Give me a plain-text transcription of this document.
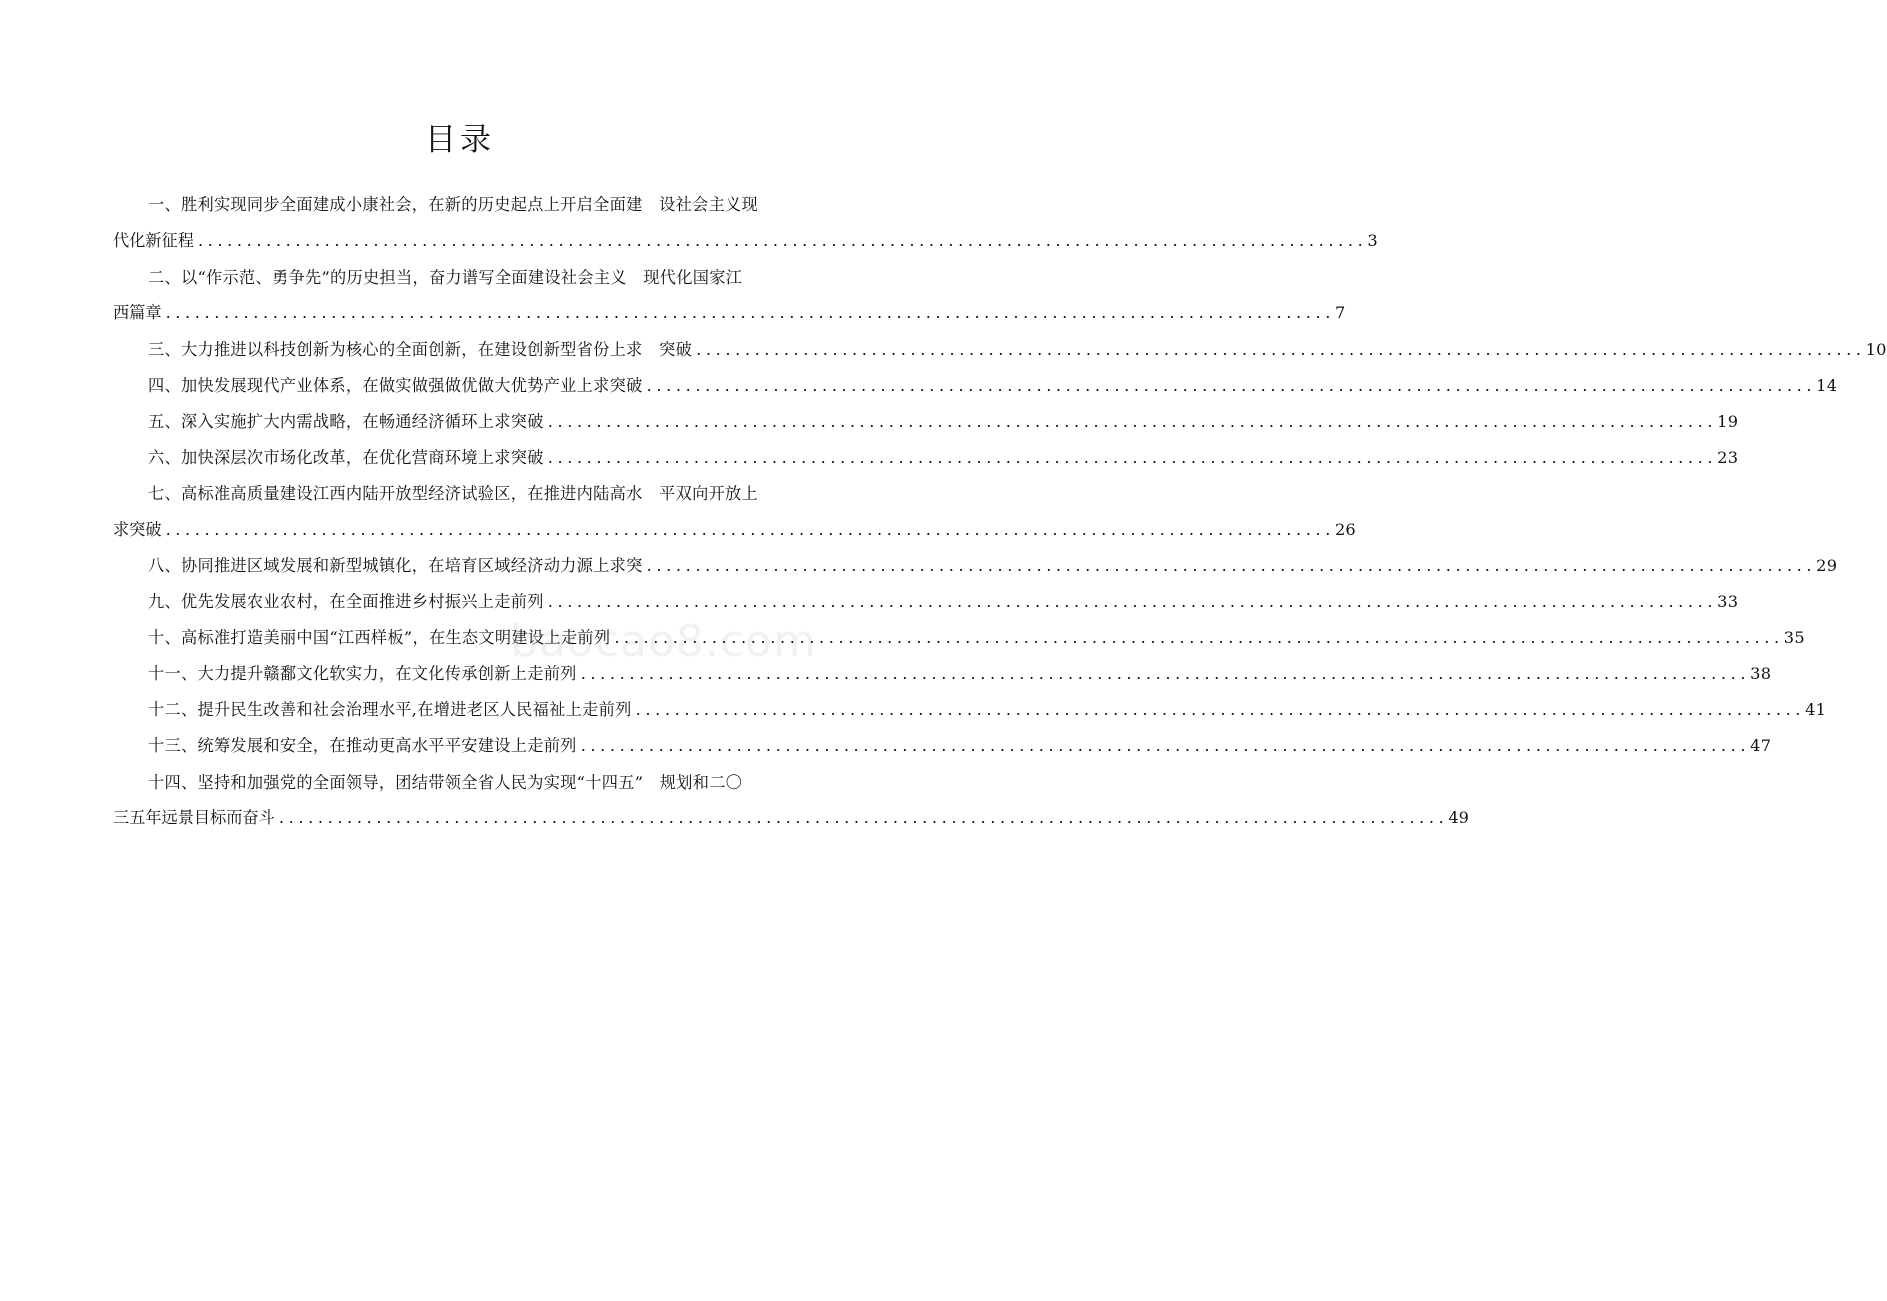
目录
baocao8.com
一、胜利实现同步全面建成小康社会，在新的历史起点上开启全面建　设社会主义现
代化新征程 ........................................................................................................................ 3
二、以“作示范、勇争先”的历史担当，奋力谱写全面建设社会主义　现代化国家江
西篇章 ........................................................................................................................ 7
三、大力推进以科技创新为核心的全面创新，在建设创新型省份上求　突破 ........................................................................................................................ 10
四、加快发展现代产业体系，在做实做强做优做大优势产业上求突破 ........................................................................................................................ 14
五、深入实施扩大内需战略，在畅通经济循环上求突破 ........................................................................................................................ 19
六、加快深层次市场化改革，在优化营商环境上求突破 ........................................................................................................................ 23
七、高标准高质量建设江西内陆开放型经济试验区，在推进内陆高水　平双向开放上
求突破 ........................................................................................................................ 26
八、协同推进区域发展和新型城镇化，在培育区域经济动力源上求突 ........................................................................................................................ 29
九、优先发展农业农村，在全面推进乡村振兴上走前列 ........................................................................................................................ 33
十、高标准打造美丽中国“江西样板”，在生态文明建设上走前列 ........................................................................................................................ 35
十一、大力提升赣鄱文化软实力，在文化传承创新上走前列 ........................................................................................................................ 38
十二、提升民生改善和社会治理水平,在增进老区人民福祉上走前列 ........................................................................................................................ 41
十三、统筹发展和安全，在推动更高水平平安建设上走前列 ........................................................................................................................ 47
十四、坚持和加强党的全面领导，团结带领全省人民为实现“十四五”　规划和二〇
三五年远景目标而奋斗 ........................................................................................................................ 49
